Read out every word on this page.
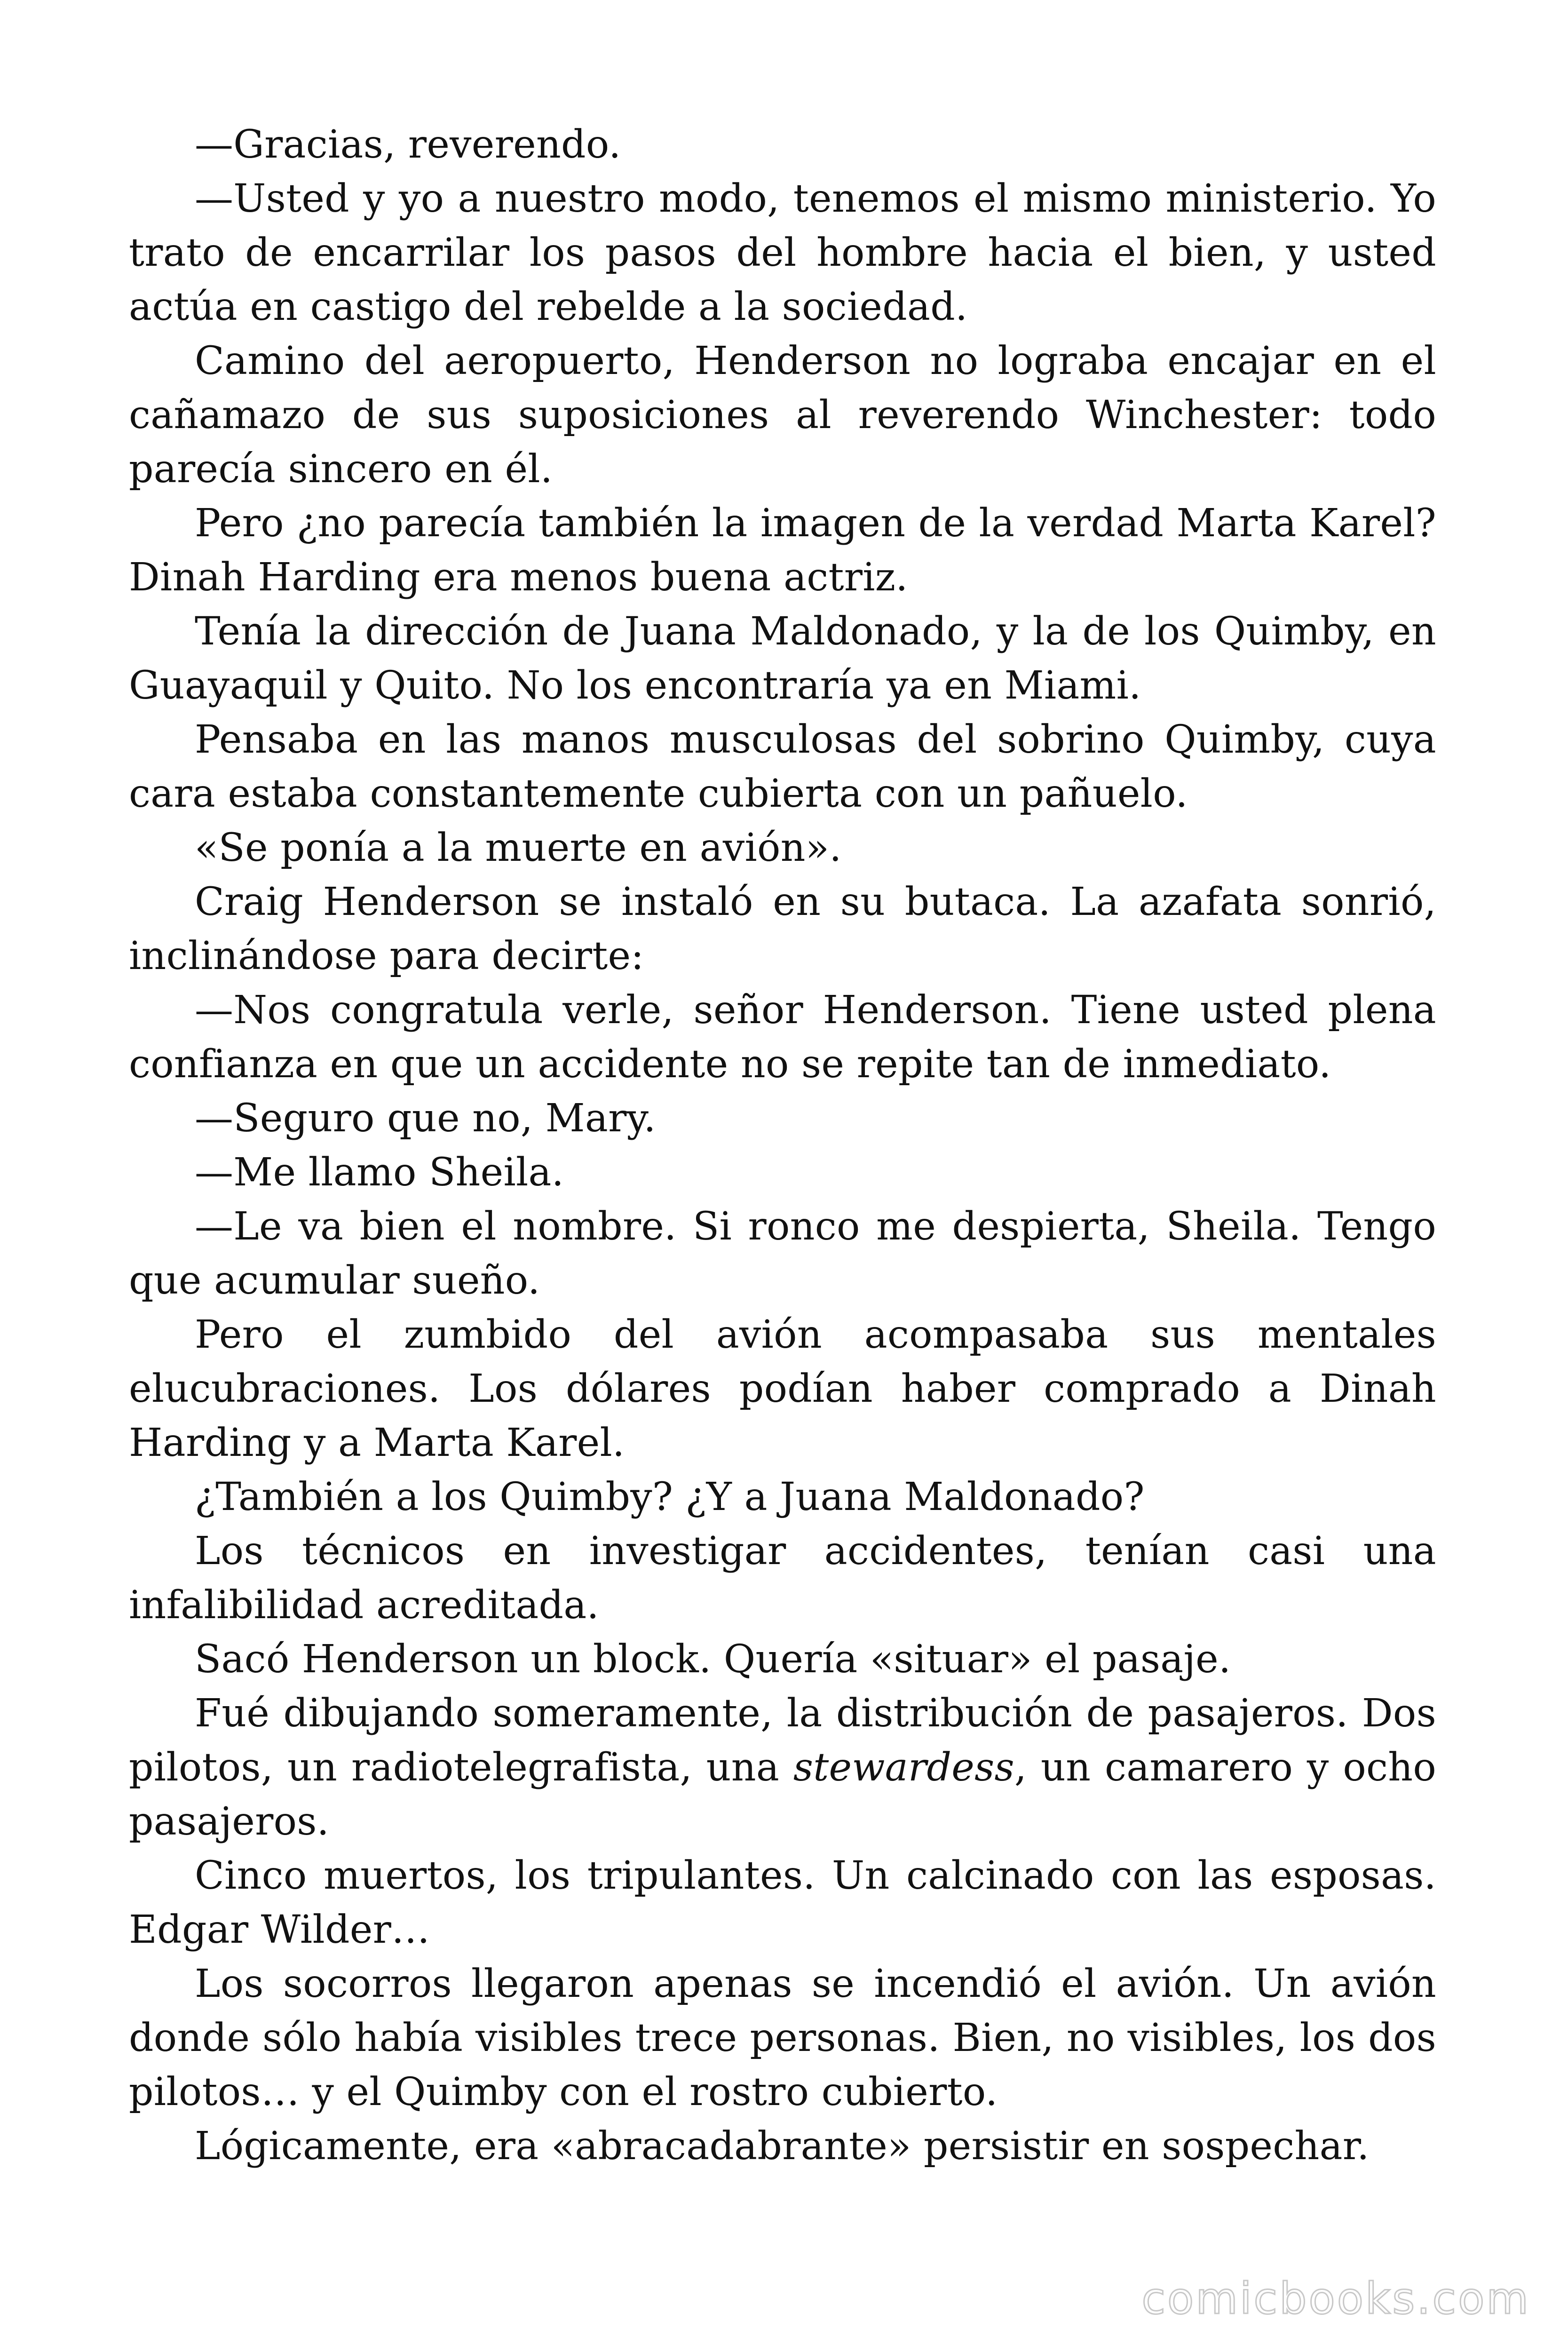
—Gracias, reverendo.

—Usted y yo a nuestro modo, tenemos el mismo ministerio. Yo trato de encarrilar los pasos del hombre hacia el bien, y usted actúa en castigo del rebelde a la sociedad.

Camino del aeropuerto, Henderson no lograba encajar en el cañamazo de sus suposiciones al reverendo Winchester: todo parecía sincero en él.

Pero ¿no parecía también la imagen de la verdad Marta Karel? Dinah Harding era menos buena actriz.

Tenía la dirección de Juana Maldonado, y la de los Quimby, en Guayaquil y Quito. No los encontraría ya en Miami.

Pensaba en las manos musculosas del sobrino Quimby, cuya cara estaba constantemente cubierta con un pañuelo.

«Se ponía a la muerte en avión».

Craig Henderson se instaló en su butaca. La azafata sonrió, inclinándose para decirte:

—Nos congratula verle, señor Henderson. Tiene usted plena confianza en que un accidente no se repite tan de inmediato.

—Seguro que no, Mary.

—Me llamo Sheila.

—Le va bien el nombre. Si ronco me despierta, Sheila. Tengo que acumular sueño.

Pero el zumbido del avión acompasaba sus mentales elucubraciones. Los dólares podían haber comprado a Dinah Harding y a Marta Karel.

¿También a los Quimby? ¿Y a Juana Maldonado?

Los técnicos en investigar accidentes, tenían casi una infalibilidad acreditada.

Sacó Henderson un block. Quería «situar» el pasaje.

Fué dibujando someramente, la distribución de pasajeros. Dos pilotos, un radiotelegrafista, una stewardess, un camarero y ocho pasajeros.

Cinco muertos, los tripulantes. Un calcinado con las esposas. Edgar Wilder…

Los socorros llegaron apenas se incendió el avión. Un avión donde sólo había visibles trece personas. Bien, no visibles, los dos pilotos… y el Quimby con el rostro cubierto.

Lógicamente, era «abracadabrante» persistir en sospechar.

comicbooks.com
